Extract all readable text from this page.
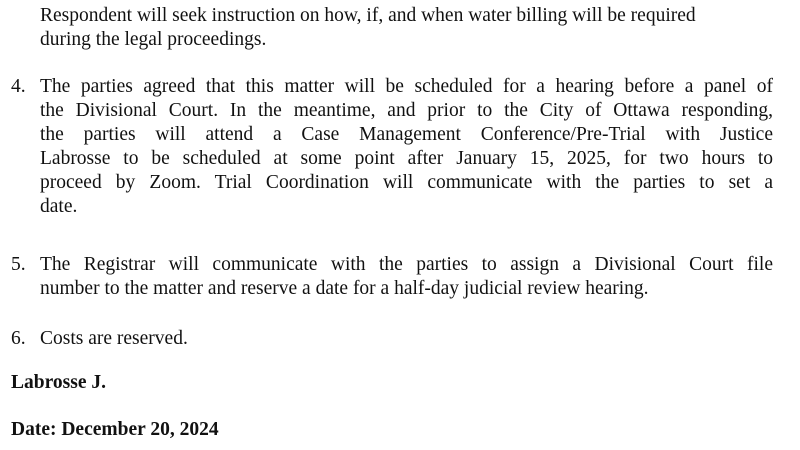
Respondent will seek instruction on how, if, and when water billing will be required
during the legal proceedings.
4. The parties agreed that this matter will be scheduled for a hearing before a panel of
the Divisional Court. In the meantime, and prior to the City of Ottawa responding,
the parties will attend a Case Management Conference/Pre-Trial with Justice
Labrosse to be scheduled at some point after January 15, 2025, for two hours to
proceed by Zoom. Trial Coordination will communicate with the parties to set a
date.
5. The Registrar will communicate with the parties to assign a Divisional Court file
number to the matter and reserve a date for a half-day judicial review hearing.
6. Costs are reserved.
Labrosse J.
Date: December 20, 2024
